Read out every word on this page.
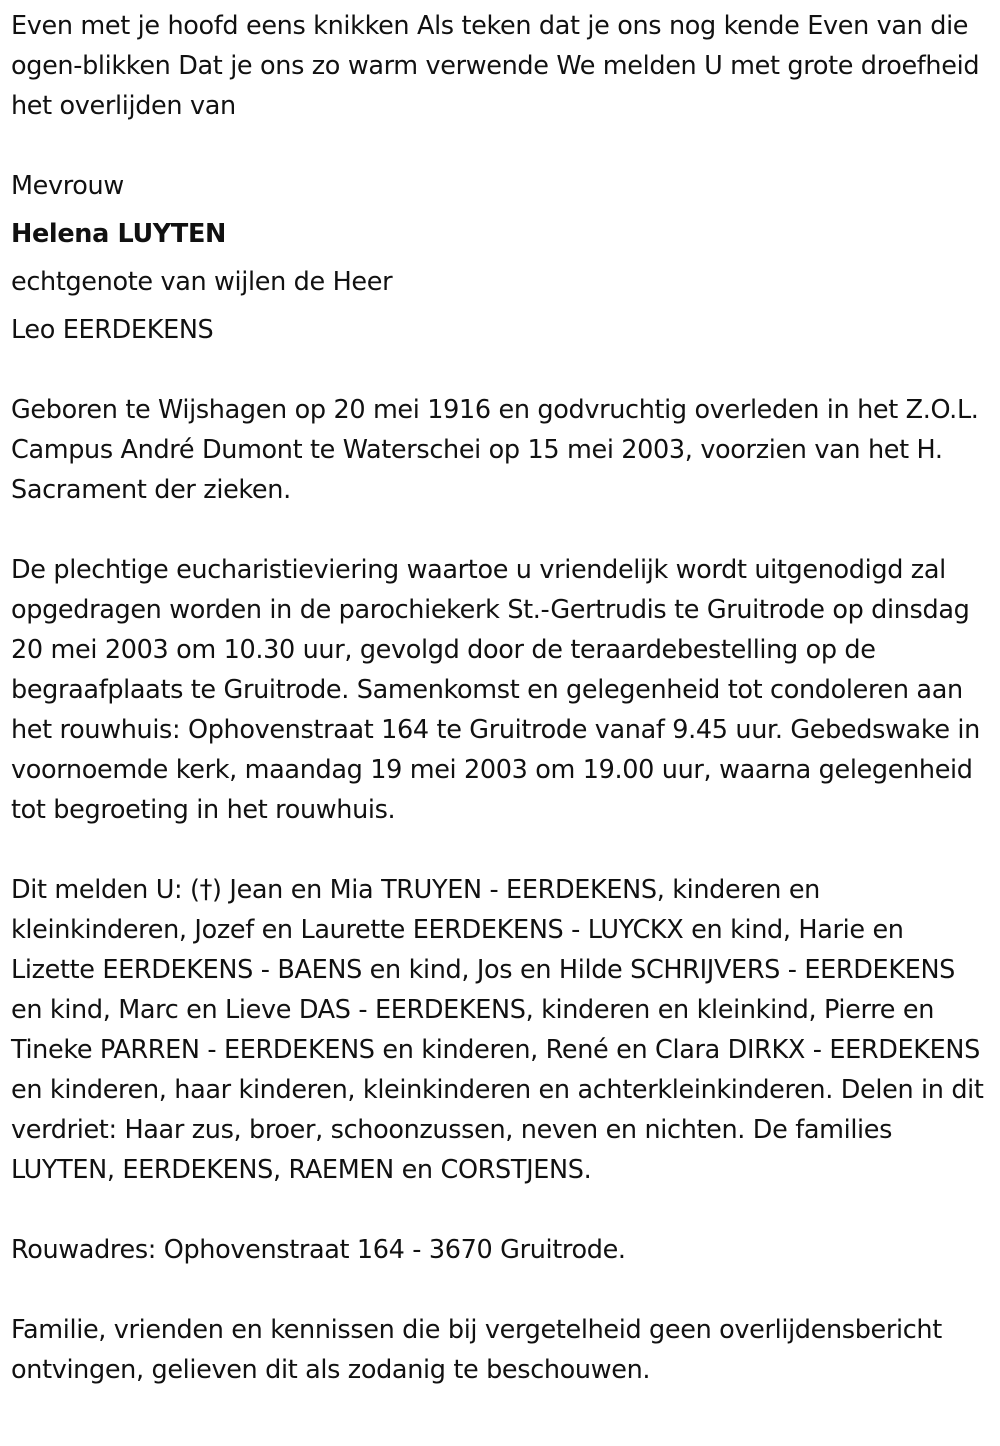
Even met je hoofd eens knikken Als teken dat je ons nog kende Even van die ogen-blikken Dat je ons zo warm verwende We melden U met grote droefheid het overlijden van

Mevrouw

Helena LUYTEN

echtgenote van wijlen de Heer

Leo EERDEKENS

Geboren te Wijshagen op 20 mei 1916 en godvruchtig overleden in het Z.O.L. Campus André Dumont te Waterschei op 15 mei 2003, voorzien van het H. Sacrament der zieken.

De plechtige eucharistieviering waartoe u vriendelijk wordt uitgenodigd zal opgedragen worden in de parochiekerk St.-Gertrudis te Gruitrode op dinsdag 20 mei 2003 om 10.30 uur, gevolgd door de teraardebestelling op de begraafplaats te Gruitrode. Samenkomst en gelegenheid tot condoleren aan het rouwhuis: Ophovenstraat 164 te Gruitrode vanaf 9.45 uur. Gebedswake in voornoemde kerk, maandag 19 mei 2003 om 19.00 uur, waarna gelegenheid tot begroeting in het rouwhuis.

Dit melden U: (†) Jean en Mia TRUYEN - EERDEKENS, kinderen en kleinkinderen, Jozef en Laurette EERDEKENS - LUYCKX en kind, Harie en Lizette EERDEKENS - BAENS en kind, Jos en Hilde SCHRIJVERS - EERDEKENS en kind, Marc en Lieve DAS - EERDEKENS, kinderen en kleinkind, Pierre en Tineke PARREN - EERDEKENS en kinderen, René en Clara DIRKX - EERDEKENS en kinderen, haar kinderen, kleinkinderen en achterkleinkinderen. Delen in dit verdriet: Haar zus, broer, schoonzussen, neven en nichten. De families LUYTEN, EERDEKENS, RAEMEN en CORSTJENS.

Rouwadres: Ophovenstraat 164 - 3670 Gruitrode.

Familie, vrienden en kennissen die bij vergetelheid geen overlijdensbericht ontvingen, gelieven dit als zodanig te beschouwen.
